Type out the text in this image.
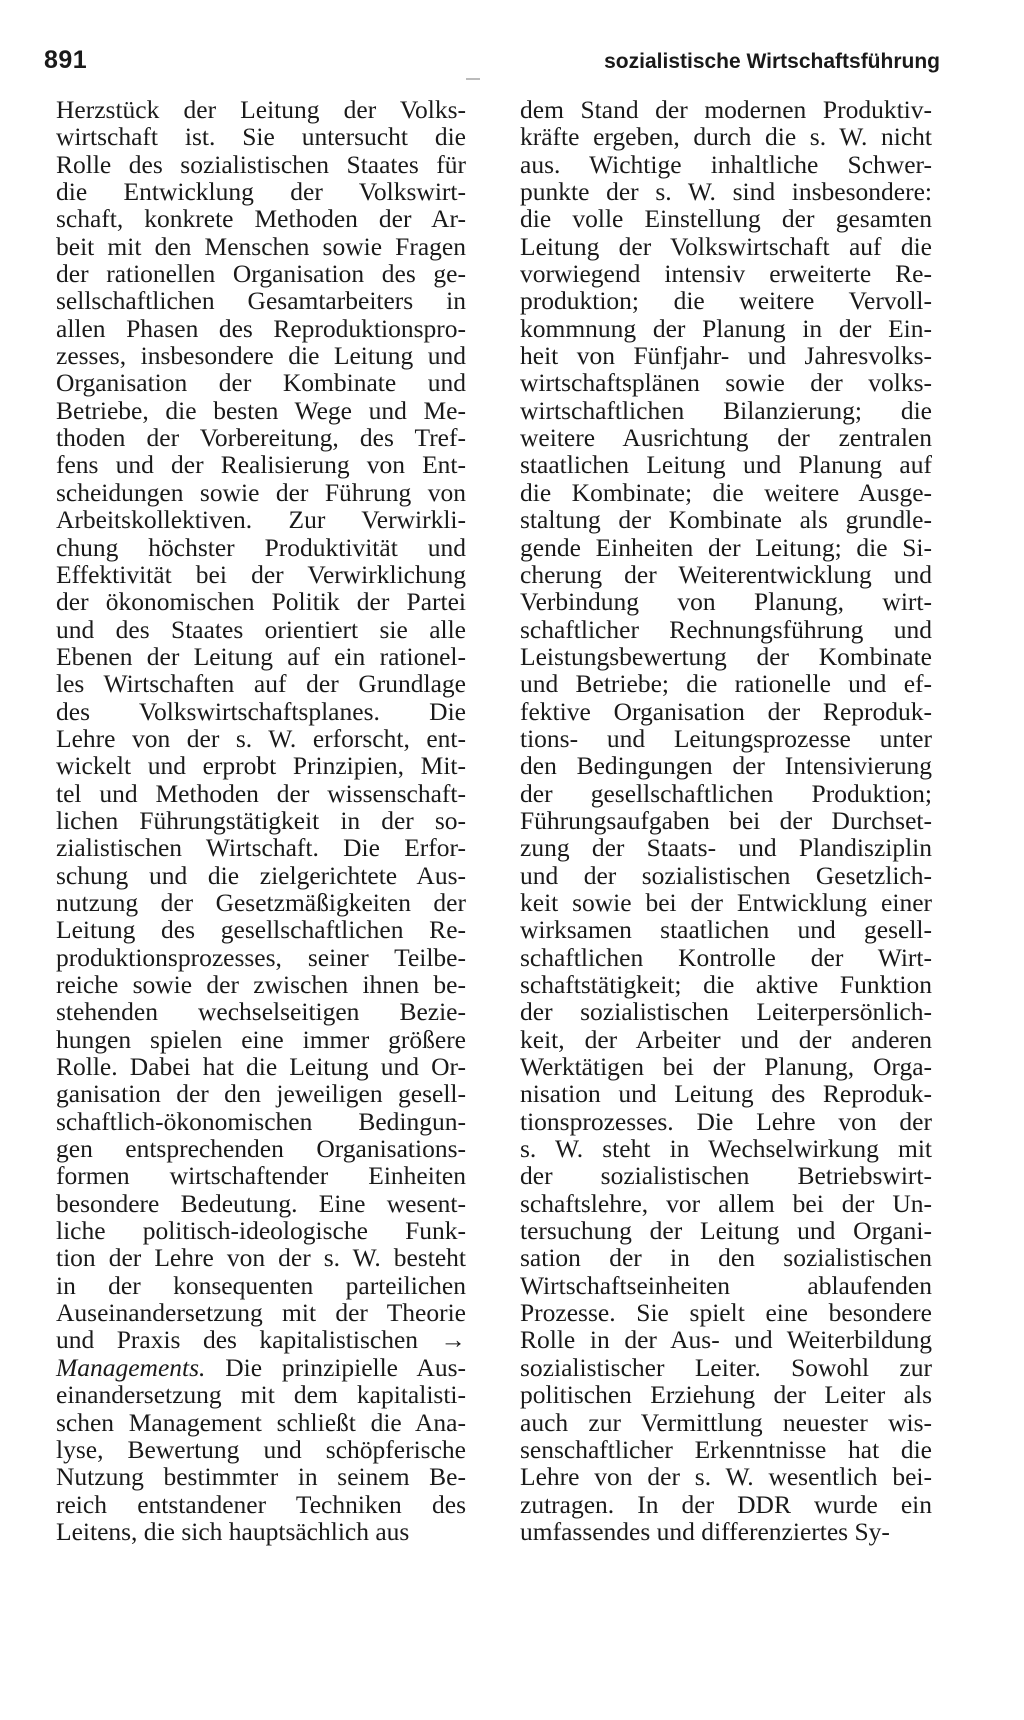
891	sozialistische Wirtschaftsführung
Herzstück der Leitung der Volks-
wirtschaft ist. Sie untersucht die
Rolle des sozialistischen Staates für
die Entwicklung der Volkswirt-
schaft, konkrete Methoden der Ar-
beit mit den Menschen sowie Fragen
der rationellen Organisation des ge-
sellschaftlichen Gesamtarbeiters in
allen Phasen des Reproduktionspro-
zesses, insbesondere die Leitung und
Organisation der Kombinate und
Betriebe, die besten Wege und Me-
thoden der Vorbereitung, des Tref-
fens und der Realisierung von Ent-
scheidungen sowie der Führung von
Arbeitskollektiven. Zur Verwirkli-
chung höchster Produktivität und
Effektivität bei der Verwirklichung
der ökonomischen Politik der Partei
und des Staates orientiert sie alle
Ebenen der Leitung auf ein rationel-
les Wirtschaften auf der Grundlage
des Volkswirtschaftsplanes. Die
Lehre von der s. W. erforscht, ent-
wickelt und erprobt Prinzipien, Mit-
tel und Methoden der wissenschaft-
lichen Führungstätigkeit in der so-
zialistischen Wirtschaft. Die Erfor-
schung und die zielgerichtete Aus-
nutzung der Gesetzmäßigkeiten der
Leitung des gesellschaftlichen Re-
produktionsprozesses, seiner Teilbe-
reiche sowie der zwischen ihnen be-
stehenden wechselseitigen Bezie-
hungen spielen eine immer größere
Rolle. Dabei hat die Leitung und Or-
ganisation der den jeweiligen gesell-
schaftlich-ökonomischen Bedingun-
gen entsprechenden Organisations-
formen wirtschaftender Einheiten
besondere Bedeutung. Eine wesent-
liche politisch-ideologische Funk-
tion der Lehre von der s. W. besteht
in der konsequenten parteilichen
Auseinandersetzung mit der Theorie
und Praxis des kapitalistischen →
Managements. Die prinzipielle Aus-
einandersetzung mit dem kapitalisti-
schen Management schließt die Ana-
lyse, Bewertung und schöpferische
Nutzung bestimmter in seinem Be-
reich entstandener Techniken des
Leitens, die sich hauptsächlich aus
dem Stand der modernen Produktiv-
kräfte ergeben, durch die s. W. nicht
aus. Wichtige inhaltliche Schwer-
punkte der s. W. sind insbesondere:
die volle Einstellung der gesamten
Leitung der Volkswirtschaft auf die
vorwiegend intensiv erweiterte Re-
produktion; die weitere Vervoll-
kommnung der Planung in der Ein-
heit von Fünfjahr- und Jahresvolks-
wirtschaftsplänen sowie der volks-
wirtschaftlichen Bilanzierung; die
weitere Ausrichtung der zentralen
staatlichen Leitung und Planung auf
die Kombinate; die weitere Ausge-
staltung der Kombinate als grundle-
gende Einheiten der Leitung; die Si-
cherung der Weiterentwicklung und
Verbindung von Planung, wirt-
schaftlicher Rechnungsführung und
Leistungsbewertung der Kombinate
und Betriebe; die rationelle und ef-
fektive Organisation der Reproduk-
tions- und Leitungsprozesse unter
den Bedingungen der Intensivierung
der gesellschaftlichen Produktion;
Führungsaufgaben bei der Durchset-
zung der Staats- und Plandisziplin
und der sozialistischen Gesetzlich-
keit sowie bei der Entwicklung einer
wirksamen staatlichen und gesell-
schaftlichen Kontrolle der Wirt-
schaftstätigkeit; die aktive Funktion
der sozialistischen Leiterpersönlich-
keit, der Arbeiter und der anderen
Werktätigen bei der Planung, Orga-
nisation und Leitung des Reproduk-
tionsprozesses. Die Lehre von der
s. W. steht in Wechselwirkung mit
der sozialistischen Betriebswirt-
schaftslehre, vor allem bei der Un-
tersuchung der Leitung und Organi-
sation der in den sozialistischen
Wirtschaftseinheiten ablaufenden
Prozesse. Sie spielt eine besondere
Rolle in der Aus- und Weiterbildung
sozialistischer Leiter. Sowohl zur
politischen Erziehung der Leiter als
auch zur Vermittlung neuester wis-
senschaftlicher Erkenntnisse hat die
Lehre von der s. W. wesentlich bei-
zutragen. In der DDR wurde ein
umfassendes und differenziertes Sy-
